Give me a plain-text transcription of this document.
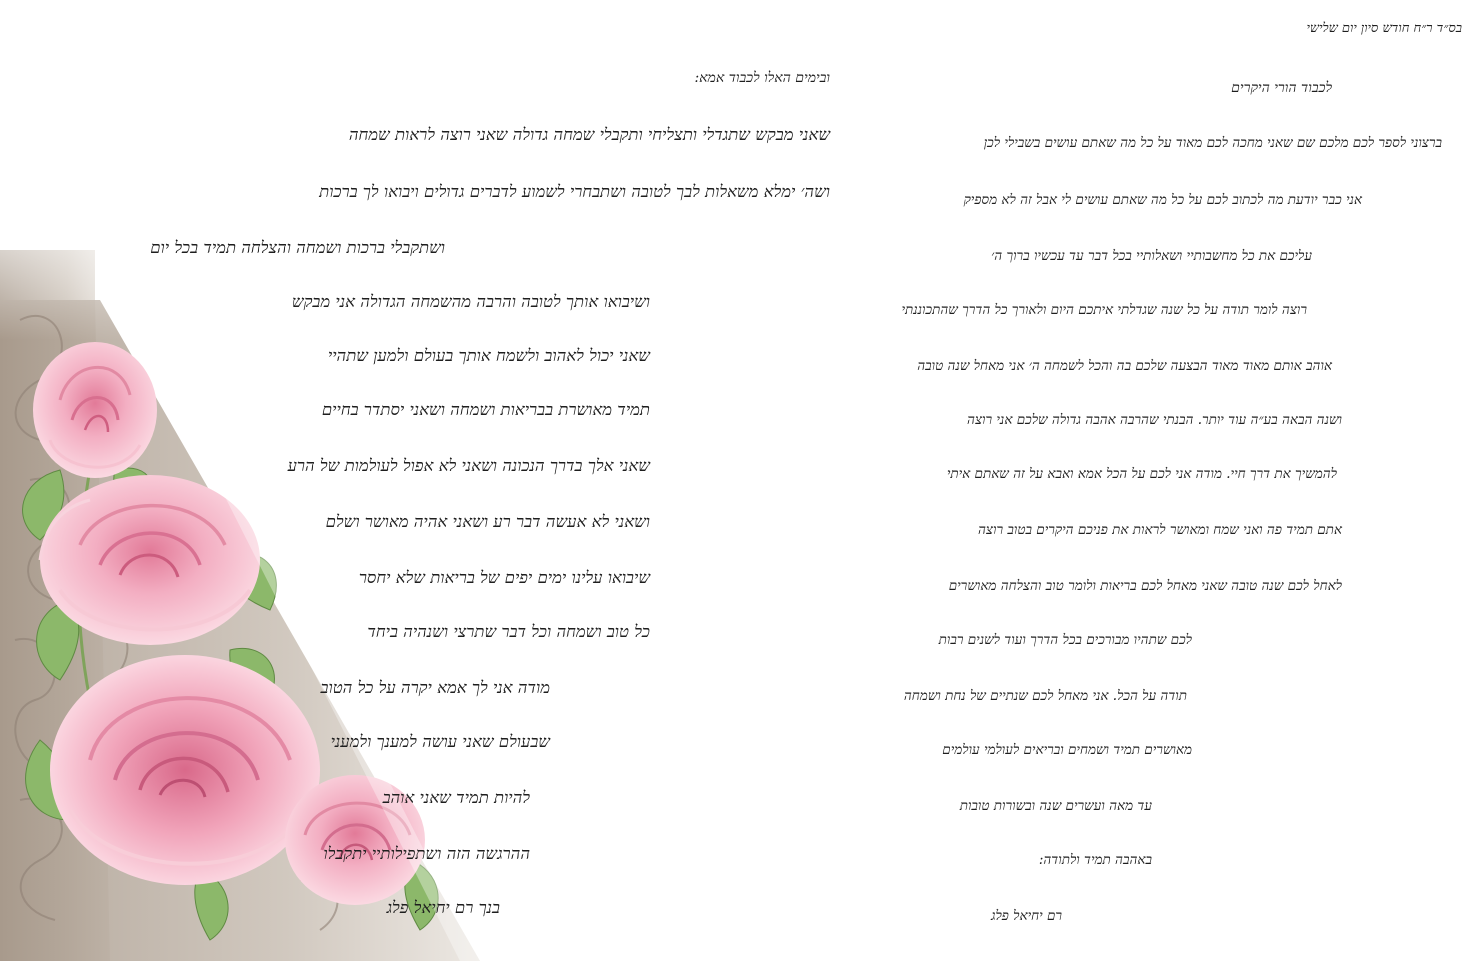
בס״ד ר״ח חודש סיון יום שלישי
לכבוד הורי היקרים
ברצוני לספר לכם מלכם שם שאני מחכה לכם מאוד על כל מה שאתם עושים בשבילי לכן
אני כבר יודעת מה לכתוב לכם על כל מה שאתם עושים לי אבל זה לא מספיק
עליכם את כל מחשבותיי ושאלותיי בכל דבר עד עכשיו ברוך ה׳
רוצה לומר תודה על כל שנה שגדלתי איתכם היום ולאורך כל הדרך שהתכוננתי
אוהב אותם מאוד מאוד הבצעה שלכם בה והכל לשמחה ה׳ אני מאחל שנה טובה
ושנה הבאה בע״ה עוד יותר. הבנתי שהרבה אהבה גדולה שלכם אני רוצה
להמשיך את דרך חיי. מודה אני לכם על הכל אמא ואבא על זה שאתם איתי
אתם תמיד פה ואני שמח ומאושר לראות את פניכם היקרים בטוב רוצה
לאחל לכם שנה טובה שאני מאחל לכם בריאות ולומר טוב והצלחה מאושרים
לכם שתהיו מבורכים בכל הדרך ועוד לשנים רבות
תודה על הכל. אני מאחל לכם שנתיים של נחת ושמחה
מאושרים תמיד ושמחים ובריאים לעולמי עולמים
עד מאה ועשרים שנה ובשורות טובות
באהבה תמיד ולתודה:
רם יחיאל פלג
ובימים האלו לכבוד אמא:
שאני מבקש שתגדלי ותצליחי ותקבלי שמחה גדולה שאני רוצה לראות שמחה
ושה׳ ימלא משאלות לבך לטובה ושתבחרי לשמוע לדברים גדולים ויבואו לך ברכות
ושתקבלי ברכות ושמחה והצלחה תמיד בכל יום
ושיבואו אותך לטובה והרבה מהשמחה הגדולה אני מבקש
שאני יכול לאהוב ולשמח אותך בעולם ולמען שתהיי
תמיד מאושרת בבריאות ושמחה ושאני יסתדר בחיים
שאני אלך בדרך הנכונה ושאני לא אפול לעולמות של הרע
ושאני לא אעשה דבר רע ושאני אהיה מאושר ושלם
שיבואו עלינו ימים יפים של בריאות שלא יחסר
כל טוב ושמחה וכל דבר שתרצי ושנהיה ביחד
מודה אני לך אמא יקרה על כל הטוב
שבעולם שאני עושה למענך ולמעני
להיות תמיד שאני אוהב
ההרגשה הזה ושתפילותיי יתקבלו
בנך רם יחיאל פלג
